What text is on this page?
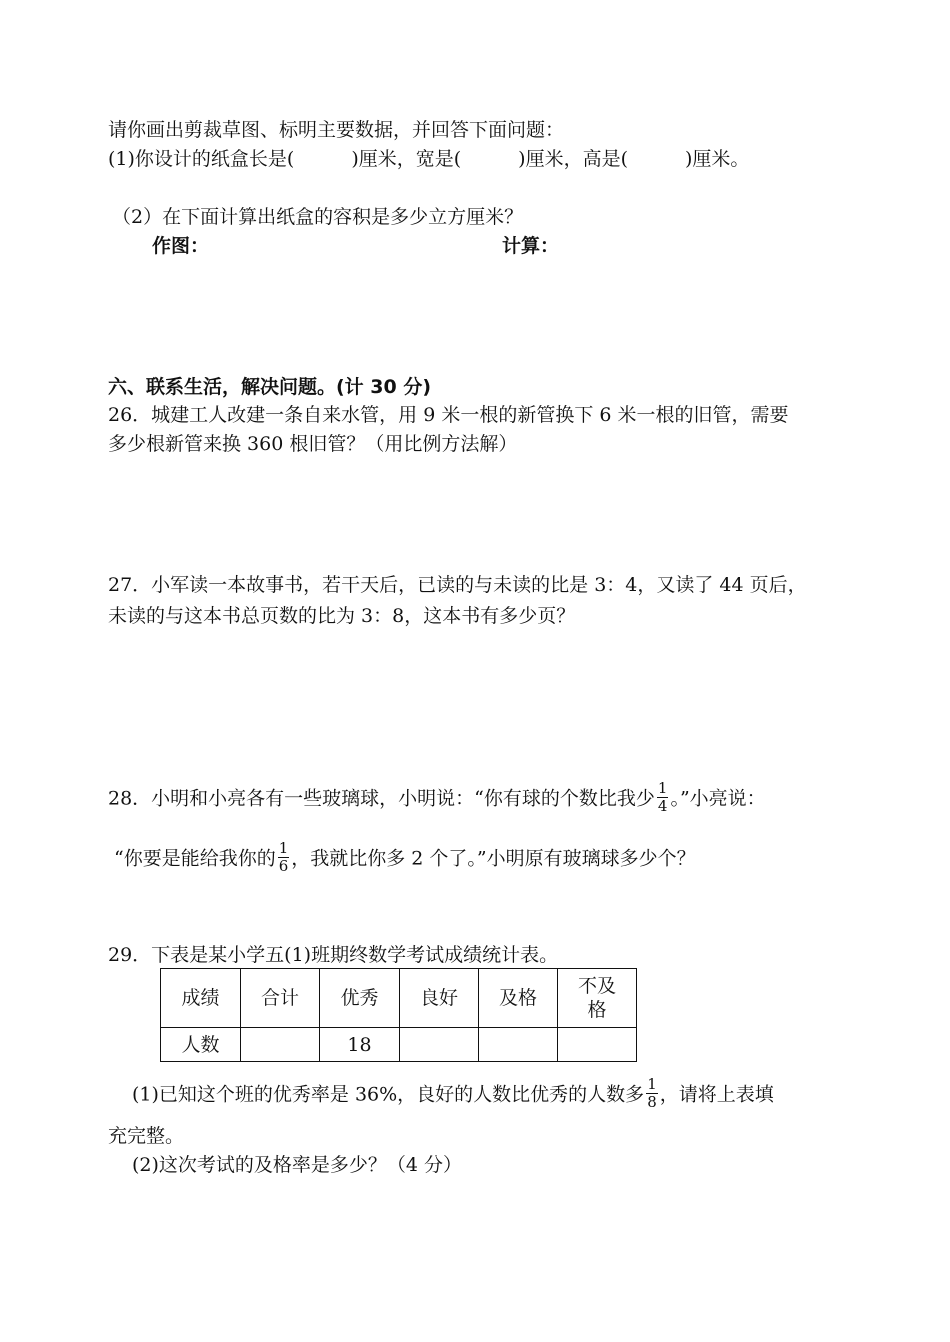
请你画出剪裁草图、标明主要数据，并回答下面问题：
(1)你设计的纸盒长是(　　　)厘米，宽是(　　　)厘米，高是(　　　)厘米。
（2）在下面计算出纸盒的容积是多少立方厘米？
作图：	计算：
六、联系生活，解决问题。(计 30 分)
26．城建工人改建一条自来水管，用 9 米一根的新管换下 6 米一根的旧管，需要
多少根新管来换 360 根旧管？（用比例方法解）
27．小军读一本故事书，若干天后，已读的与未读的比是 3：4，又读了 44 页后，
未读的与这本书总页数的比为 3：8，这本书有多少页？
28．小明和小亮各有一些玻璃球，小明说：“你有球的个数比我少 $\frac{1}{4}$ 。”小亮说：
“你要是能给我你的 $\frac{1}{6}$ ，我就比你多 2 个了。”小明原有玻璃球多少个？
29．下表是某小学五(1)班期终数学考试成绩统计表。
成绩	合计	优秀	良好	及格	不及
格
人数		18			
(1)已知这个班的优秀率是 36%，良好的人数比优秀的人数多 $\frac{1}{8}$ ，请将上表填
充完整。
(2)这次考试的及格率是多少？（4 分）
